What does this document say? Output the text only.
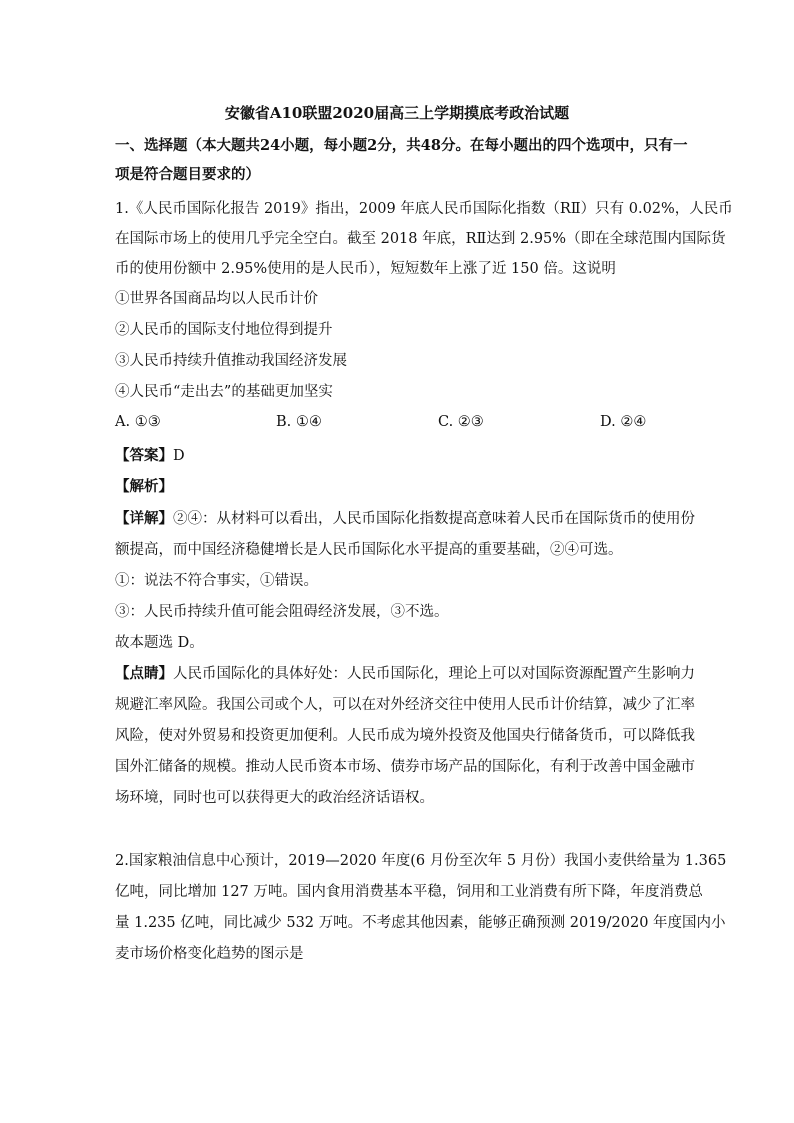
安徽省A10联盟2020届高三上学期摸底考政治试题
一、选择题（本大题共24小题，每小题2分，共48分。在每小题出的四个选项中，只有一
项是符合题目要求的）
1.《人民币国际化报告 2019》指出，2009 年底人民币国际化指数（RⅡ）只有 0.02%，人民币
在国际市场上的使用几乎完全空白。截至 2018 年底，RⅡ达到 2.95%（即在全球范围内国际货
币的使用份额中 2.95%使用的是人民币），短短数年上涨了近 150 倍。这说明
①世界各国商品均以人民币计价
②人民币的国际支付地位得到提升
③人民币持续升值推动我国经济发展
④人民币“走出去”的基础更加坚实
A. ①③	B. ①④	C. ②③	D. ②④
【答案】D
【解析】
【详解】②④：从材料可以看出，人民币国际化指数提高意味着人民币在国际货币的使用份
额提高，而中国经济稳健增长是人民币国际化水平提高的重要基础，②④可选。
①：说法不符合事实，①错误。
③：人民币持续升值可能会阻碍经济发展，③不选。
故本题选 D。
【点睛】人民币国际化的具体好处：人民币国际化，理论上可以对国际资源配置产生影响力
规避汇率风险。我国公司或个人，可以在对外经济交往中使用人民币计价结算，减少了汇率
风险，使对外贸易和投资更加便利。人民币成为境外投资及他国央行储备货币，可以降低我
国外汇储备的规模。推动人民币资本市场、债券市场产品的国际化，有利于改善中国金融市
场环境，同时也可以获得更大的政治经济话语权。
2.国家粮油信息中心预计，2019—2020 年度(6 月份至次年 5 月份）我国小麦供给量为 1.365
亿吨，同比增加 127 万吨。国内食用消费基本平稳，饲用和工业消费有所下降，年度消费总
量 1.235 亿吨，同比减少 532 万吨。不考虑其他因素，能够正确预测 2019/2020 年度国内小
麦市场价格变化趋势的图示是
